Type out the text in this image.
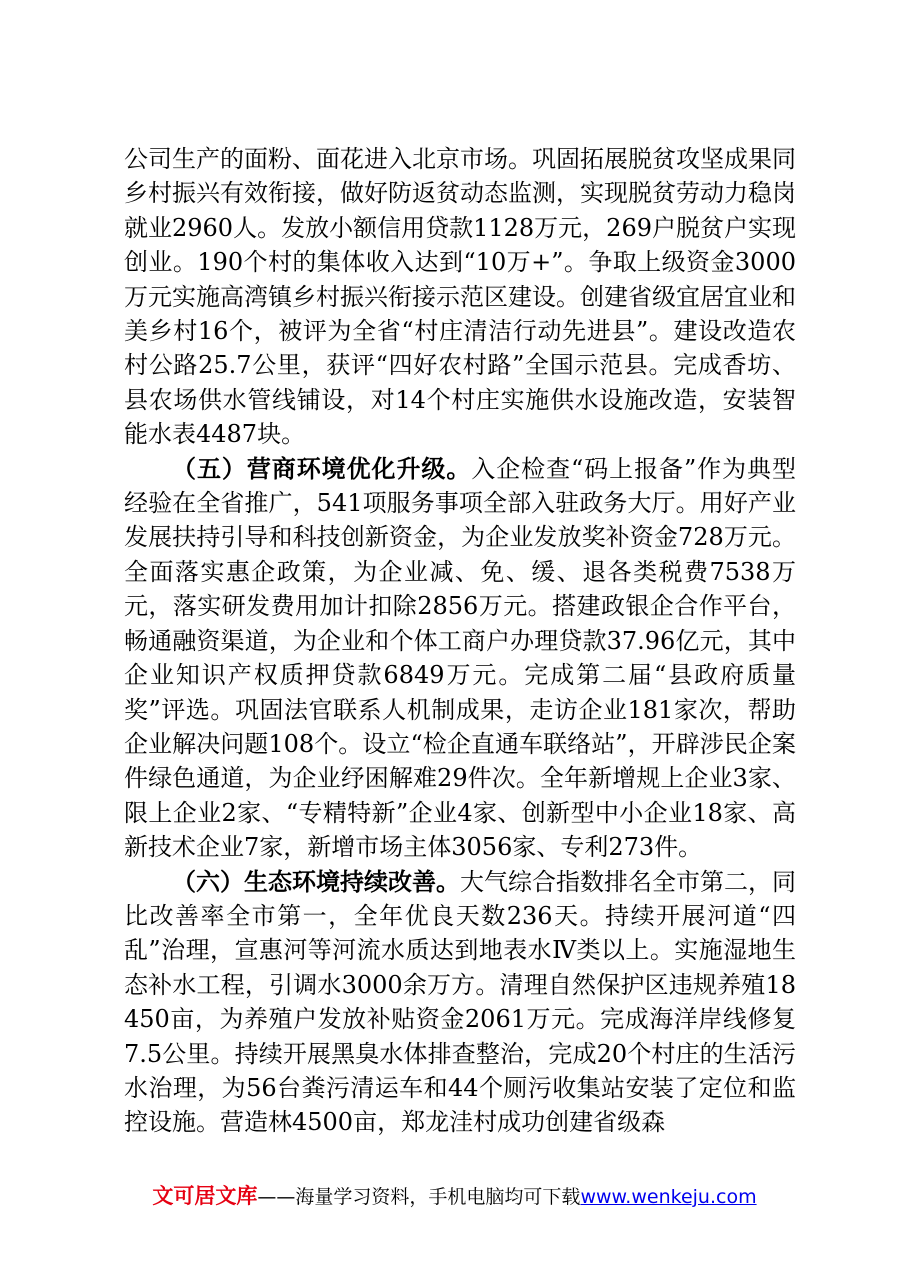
公司生产的面粉、面花进入北京市场。巩固拓展脱贫攻坚成果同乡村振兴有效衔接，做好防返贫动态监测，实现脱贫劳动力稳岗就业2960人。发放小额信用贷款1128万元，269户脱贫户实现创业。190个村的集体收入达到“10万+”。争取上级资金3000万元实施高湾镇乡村振兴衔接示范区建设。创建省级宜居宜业和美乡村16个，被评为全省“村庄清洁行动先进县”。建设改造农村公路25.7公里，获评“四好农村路”全国示范县。完成香坊、县农场供水管线铺设，对14个村庄实施供水设施改造，安装智能水表4487块。

（五）营商环境优化升级。入企检查“码上报备”作为典型经验在全省推广，541项服务事项全部入驻政务大厅。用好产业发展扶持引导和科技创新资金，为企业发放奖补资金728万元。全面落实惠企政策，为企业减、免、缓、退各类税费7538万元，落实研发费用加计扣除2856万元。搭建政银企合作平台，畅通融资渠道，为企业和个体工商户办理贷款37.96亿元，其中企业知识产权质押贷款6849万元。完成第二届“县政府质量奖”评选。巩固法官联系人机制成果，走访企业181家次，帮助企业解决问题108个。设立“检企直通车联络站”，开辟涉民企案件绿色通道，为企业纾困解难29件次。全年新增规上企业3家、限上企业2家、“专精特新”企业4家、创新型中小企业18家、高新技术企业7家，新增市场主体3056家、专利273件。

（六）生态环境持续改善。大气综合指数排名全市第二，同比改善率全市第一，全年优良天数236天。持续开展河道“四乱”治理，宣惠河等河流水质达到地表水Ⅳ类以上。实施湿地生态补水工程，引调水3000余万方。清理自然保护区违规养殖18450亩，为养殖户发放补贴资金2061万元。完成海洋岸线修复7.5公里。持续开展黑臭水体排查整治，完成20个村庄的生活污水治理，为56台粪污清运车和44个厕污收集站安装了定位和监控设施。营造林4500亩，郑龙洼村成功创建省级森

文可居文库——海量学习资料，手机电脑均可下载www.wenkeju.com
